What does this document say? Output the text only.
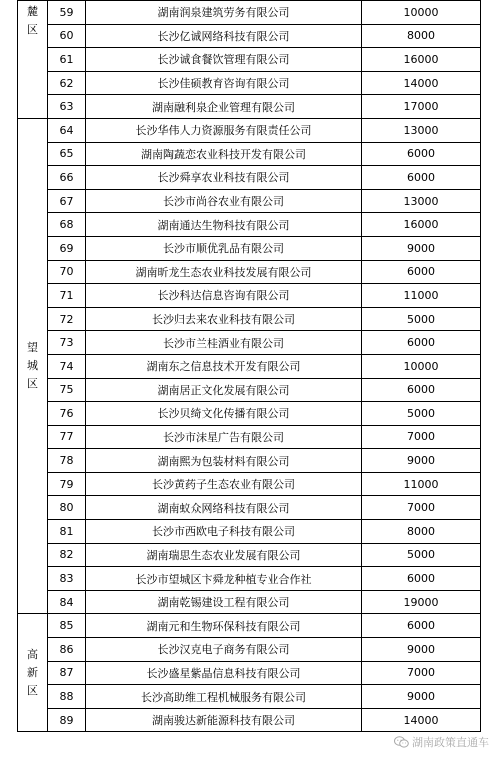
麓
区	59	湖南润泉建筑劳务有限公司	10000
	60	长沙亿诚网络科技有限公司	8000
	61	长沙诚食餐饮管理有限公司	16000
	62	长沙佳硕教育咨询有限公司	14000
	63	湖南融利泉企业管理有限公司	17000

望
城
区	64	长沙华伟人力资源服务有限责任公司	13000
	65	湖南陶蔬恋农业科技开发有限公司	6000
	66	长沙舜享农业科技有限公司	6000
	67	长沙市尚谷农业有限公司	13000
	68	湖南通达生物科技有限公司	16000
	69	长沙市顺优乳品有限公司	9000
	70	湖南昕龙生态农业科技发展有限公司	6000
	71	长沙科达信息咨询有限公司	11000
	72	长沙归去来农业科技有限公司	5000
	73	长沙市兰桂酒业有限公司	6000
	74	湖南东之信息技术开发有限公司	10000
	75	湖南居正文化发展有限公司	6000
	76	长沙贝绮文化传播有限公司	5000
	77	长沙市沫星广告有限公司	7000
	78	湖南熙为包装材料有限公司	9000
	79	长沙黄药子生态农业有限公司	11000
	80	湖南蚁众网络科技有限公司	7000
	81	长沙市西欧电子科技有限公司	8000
	82	湖南瑞思生态农业发展有限公司	5000
	83	长沙市望城区卞舜龙种植专业合作社	6000
	84	湖南乾锡建设工程有限公司	19000

高
新
区	85	湖南元和生物环保科技有限公司	6000
	86	长沙汉克电子商务有限公司	9000
	87	长沙盛星紫晶信息科技有限公司	7000
	88	长沙高助维工程机械服务有限公司	9000
	89	湖南骏达新能源科技有限公司	14000
湖南政策直通车
